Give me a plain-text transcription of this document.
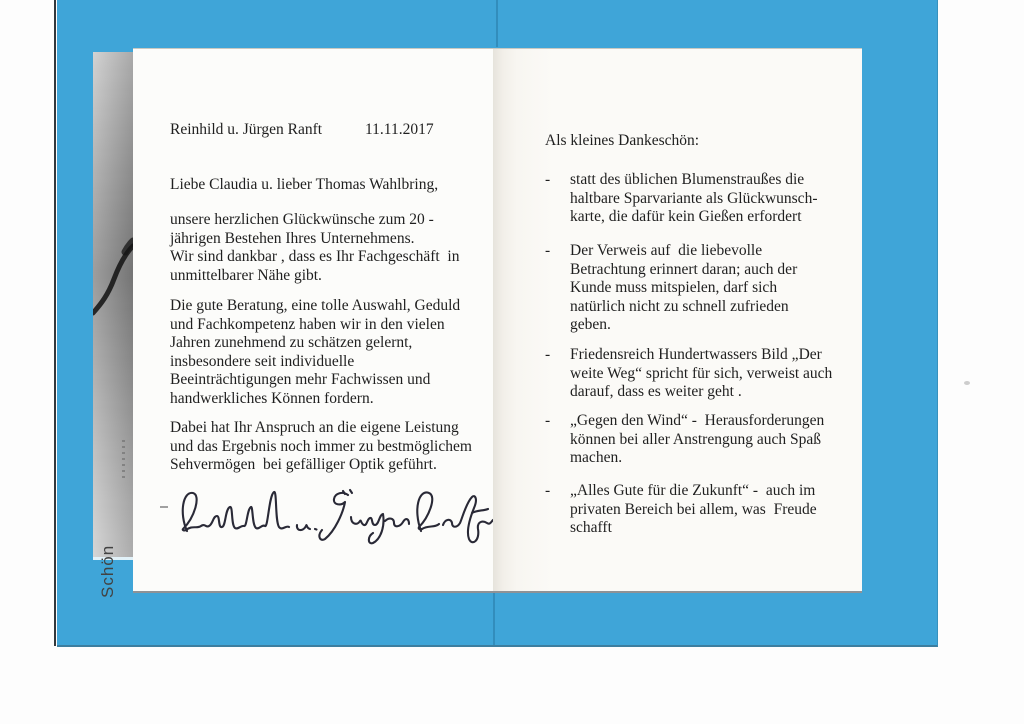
Schön
Reinhild u. Jürgen Ranft	11.11.2017
Liebe Claudia u. lieber Thomas Wahlbring,
unsere herzlichen Glückwünsche zum 20 -
jährigen Bestehen Ihres Unternehmens.
Wir sind dankbar , dass es Ihr Fachgeschäft  in
unmittelbarer Nähe gibt.
Die gute Beratung, eine tolle Auswahl, Geduld
und Fachkompetenz haben wir in den vielen
Jahren zunehmend zu schätzen gelernt,
insbesondere seit individuelle
Beeinträchtigungen mehr Fachwissen und
handwerkliches Können fordern.
Dabei hat Ihr Anspruch an die eigene Leistung
und das Ergebnis noch immer zu bestmöglichem
Sehvermögen  bei gefälliger Optik geführt.
Als kleines Dankeschön:
-	statt des üblichen Blumenstraußes die
haltbare Sparvariante als Glückwunsch-
karte, die dafür kein Gießen erfordert
-	Der Verweis auf  die liebevolle
Betrachtung erinnert daran; auch der
Kunde muss mitspielen, darf sich
natürlich nicht zu schnell zufrieden
geben.
-	Friedensreich Hundertwassers Bild „Der
weite Weg“ spricht für sich, verweist auch
darauf, dass es weiter geht .
-	„Gegen den Wind“ -  Herausforderungen
können bei aller Anstrengung auch Spaß
machen.
-	„Alles Gute für die Zukunft“ -  auch im
privaten Bereich bei allem, was  Freude
schafft
